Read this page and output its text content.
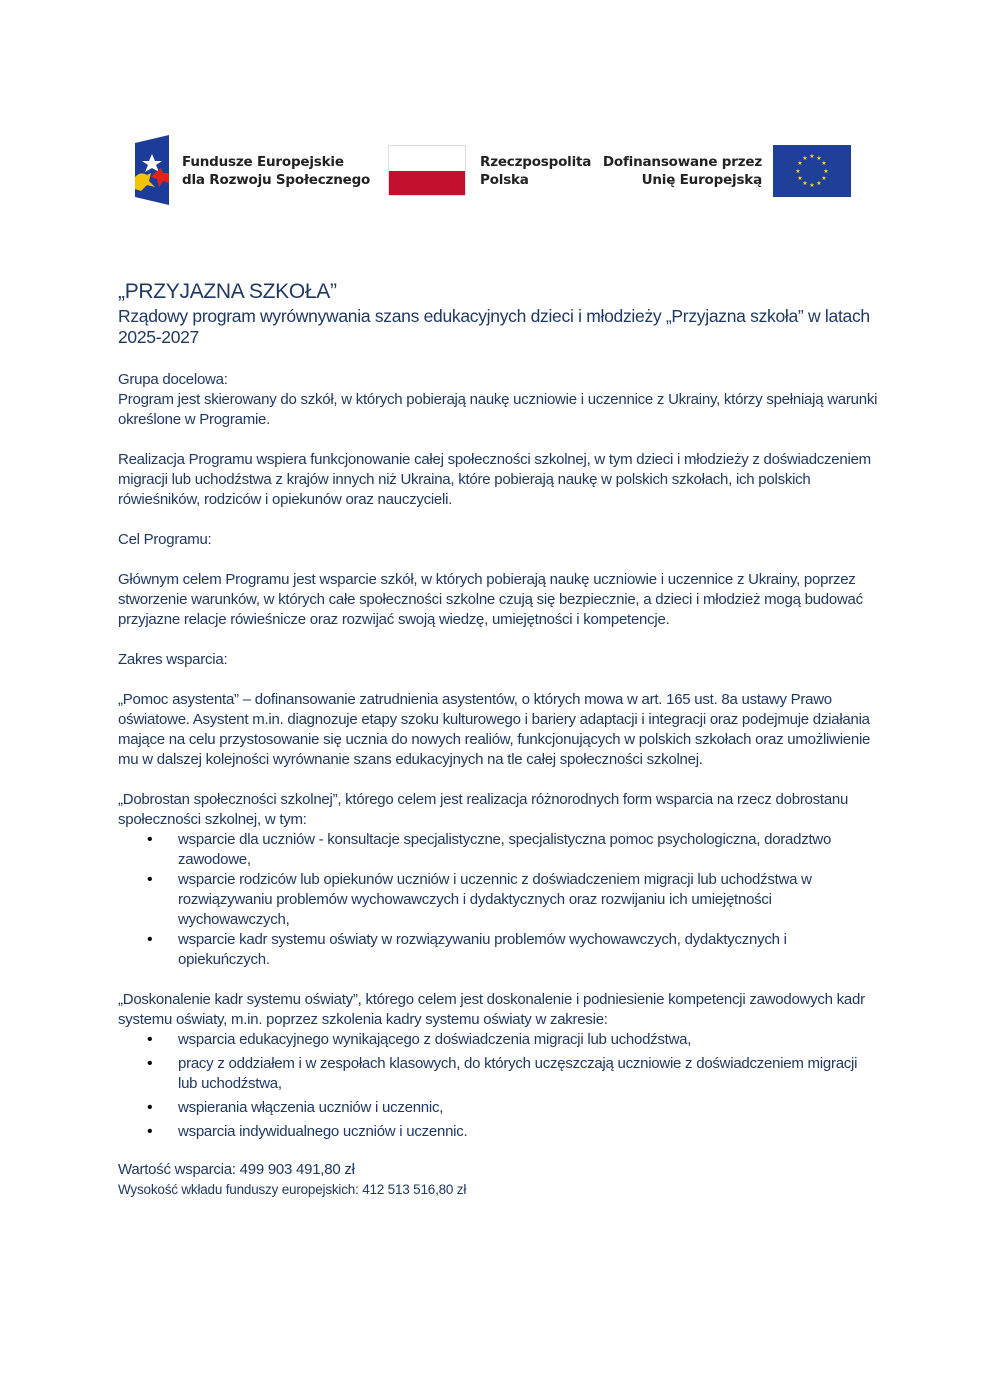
Fundusze Europejskie
dla Rozwoju Społecznego
Rzeczpospolita
Polska
Dofinansowane przez
Unię Europejską
★ ★
★
★
★
★
★
★
★
★
★
★
„PRZYJAZNA SZKOŁA”
Rządowy program wyrównywania szans edukacyjnych dzieci i młodzieży „Przyjazna szkoła” w latach 2025-2027

Grupa docelowa:

Program jest skierowany do szkół, w których pobierają naukę uczniowie i uczennice z Ukrainy, którzy spełniają warunki określone w Programie.

Realizacja Programu wspiera funkcjonowanie całej społeczności szkolnej, w tym dzieci i młodzieży z doświadczeniem migracji lub uchodźstwa z krajów innych niż Ukraina, które pobierają naukę w polskich szkołach, ich polskich rówieśników, rodziców i opiekunów oraz nauczycieli.

Cel Programu:

Głównym celem Programu jest wsparcie szkół, w których pobierają naukę uczniowie i uczennice z Ukrainy, poprzez stworzenie warunków, w których całe społeczności szkolne czują się bezpiecznie, a dzieci i młodzież mogą budować przyjazne relacje rówieśnicze oraz rozwijać swoją wiedzę, umiejętności i kompetencje.

Zakres wsparcia:

„Pomoc asystenta” – dofinansowanie zatrudnienia asystentów, o których mowa w art. 165 ust. 8a ustawy Prawo oświatowe. Asystent m.in. diagnozuje etapy szoku kulturowego i bariery adaptacji i integracji oraz podejmuje działania mające na celu przystosowanie się ucznia do nowych realiów, funkcjonujących w polskich szkołach oraz umożliwienie mu w dalszej kolejności wyrównanie szans edukacyjnych na tle całej społeczności szkolnej.

„Dobrostan społeczności szkolnej”, którego celem jest realizacja różnorodnych form wsparcia na rzecz dobrostanu społeczności szkolnej, w tym:

• wsparcie dla uczniów - konsultacje specjalistyczne, specjalistyczna pomoc psychologiczna, doradztwo zawodowe,
• wsparcie rodziców lub opiekunów uczniów i uczennic z doświadczeniem migracji lub uchodźstwa w rozwiązywaniu problemów wychowawczych i dydaktycznych oraz rozwijaniu ich umiejętności wychowawczych,
• wsparcie kadr systemu oświaty w rozwiązywaniu problemów wychowawczych, dydaktycznych i opiekuńczych.

„Doskonalenie kadr systemu oświaty”, którego celem jest doskonalenie i podniesienie kompetencji zawodowych kadr systemu oświaty, m.in. poprzez szkolenia kadry systemu oświaty w zakresie:

• wsparcia edukacyjnego wynikającego z doświadczenia migracji lub uchodźstwa,
• pracy z oddziałem i w zespołach klasowych, do których uczęszczają uczniowie z doświadczeniem migracji lub uchodźstwa,
• wspierania włączenia uczniów i uczennic,
• wsparcia indywidualnego uczniów i uczennic.

Wartość wsparcia: 499 903 491,80 zł

Wysokość wkładu funduszy europejskich: 412 513 516,80 zł
